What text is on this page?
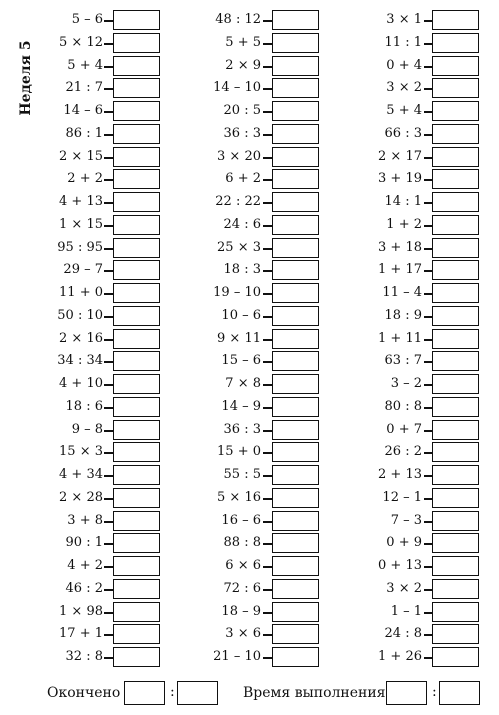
Неделя 5
5 – 6
5 × 12
5 + 4
21 : 7
14 – 6
86 : 1
2 × 15
2 + 2
4 + 13
1 × 15
95 : 95
29 – 7
11 + 0
50 : 10
2 × 16
34 : 34
4 + 10
18 : 6
9 – 8
15 × 3
4 + 34
2 × 28
3 + 8
90 : 1
4 + 2
46 : 2
1 × 98
17 + 1
32 : 8
48 : 12
5 + 5
2 × 9
14 – 10
20 : 5
36 : 3
3 × 20
6 + 2
22 : 22
24 : 6
25 × 3
18 : 3
19 – 10
10 – 6
9 × 11
15 – 6
7 × 8
14 – 9
36 : 3
15 + 0
55 : 5
5 × 16
16 – 6
88 : 8
6 × 6
72 : 6
18 – 9
3 × 6
21 – 10
3 × 1
11 : 1
0 + 4
3 × 2
5 + 4
66 : 3
2 × 17
3 + 19
14 : 1
1 + 2
3 + 18
1 + 17
11 – 4
18 : 9
1 + 11
63 : 7
3 – 2
80 : 8
0 + 7
26 : 2
2 + 13
12 – 1
7 – 3
0 + 9
0 + 13
3 × 2
1 – 1
24 : 8
1 + 26
Окончено	:	Время выполнения	:
